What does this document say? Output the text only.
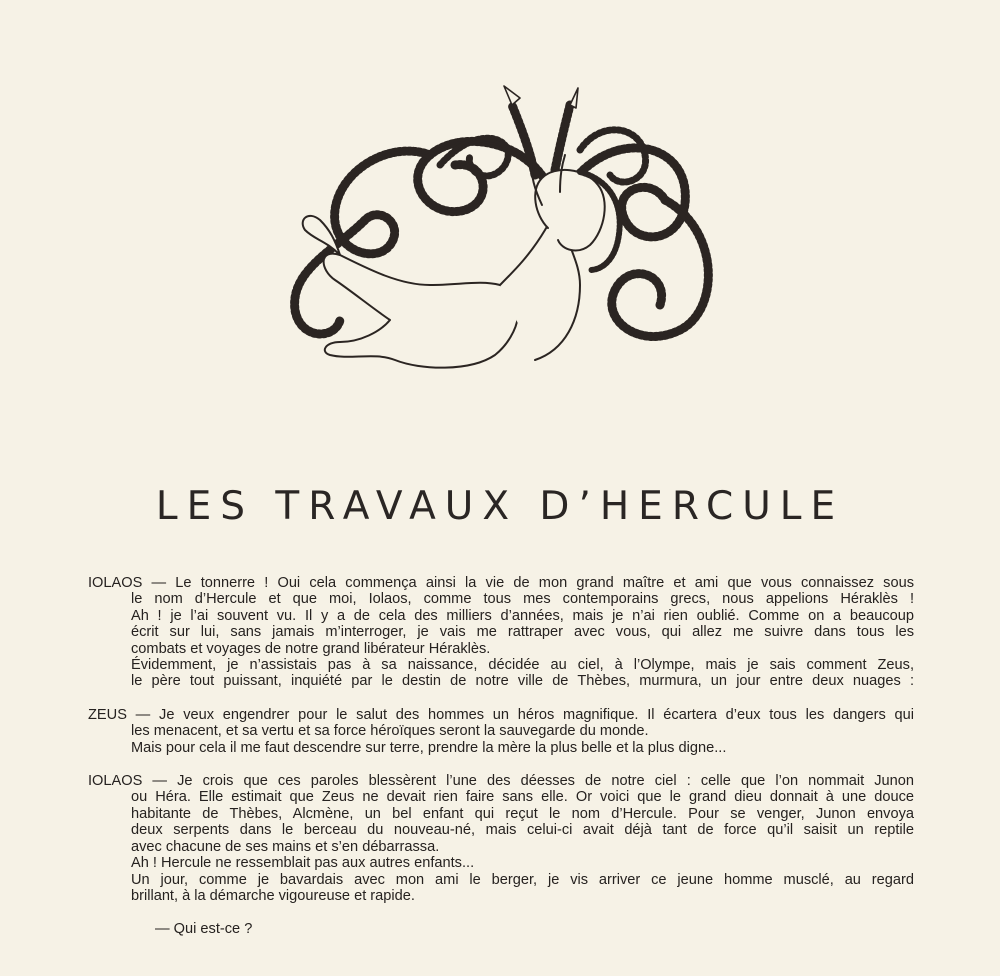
LES TRAVAUX D’HERCULE
IOLAOS — Le tonnerre ! Oui cela commença ainsi la vie de mon grand maître et ami que vous connaissez sous
le nom d’Hercule et que moi, Iolaos, comme tous mes contemporains grecs, nous appelions Héraklès !
Ah ! je l’ai souvent vu. Il y a de cela des milliers d’années, mais je n’ai rien oublié. Comme on a beaucoup
écrit sur lui, sans jamais m’interroger, je vais me rattraper avec vous, qui allez me suivre dans tous les
combats et voyages de notre grand libérateur Héraklès.
Évidemment, je n’assistais pas à sa naissance, décidée au ciel, à l’Olympe, mais je sais comment Zeus,
le père tout puissant, inquiété par le destin de notre ville de Thèbes, murmura, un jour entre deux nuages :
ZEUS — Je veux engendrer pour le salut des hommes un héros magnifique. Il écartera d’eux tous les dangers qui
les menacent, et sa vertu et sa force héroïques seront la sauvegarde du monde.
Mais pour cela il me faut descendre sur terre, prendre la mère la plus belle et la plus digne...
IOLAOS — Je crois que ces paroles blessèrent l’une des déesses de notre ciel : celle que l’on nommait Junon
ou Héra. Elle estimait que Zeus ne devait rien faire sans elle. Or voici que le grand dieu donnait à une douce
habitante de Thèbes, Alcmène, un bel enfant qui reçut le nom d’Hercule. Pour se venger, Junon envoya
deux serpents dans le berceau du nouveau-né, mais celui-ci avait déjà tant de force qu’il saisit un reptile
avec chacune de ses mains et s’en débarrassa.
Ah ! Hercule ne ressemblait pas aux autres enfants...
Un jour, comme je bavardais avec mon ami le berger, je vis arriver ce jeune homme musclé, au regard
brillant, à la démarche vigoureuse et rapide.
— Qui est-ce ?
